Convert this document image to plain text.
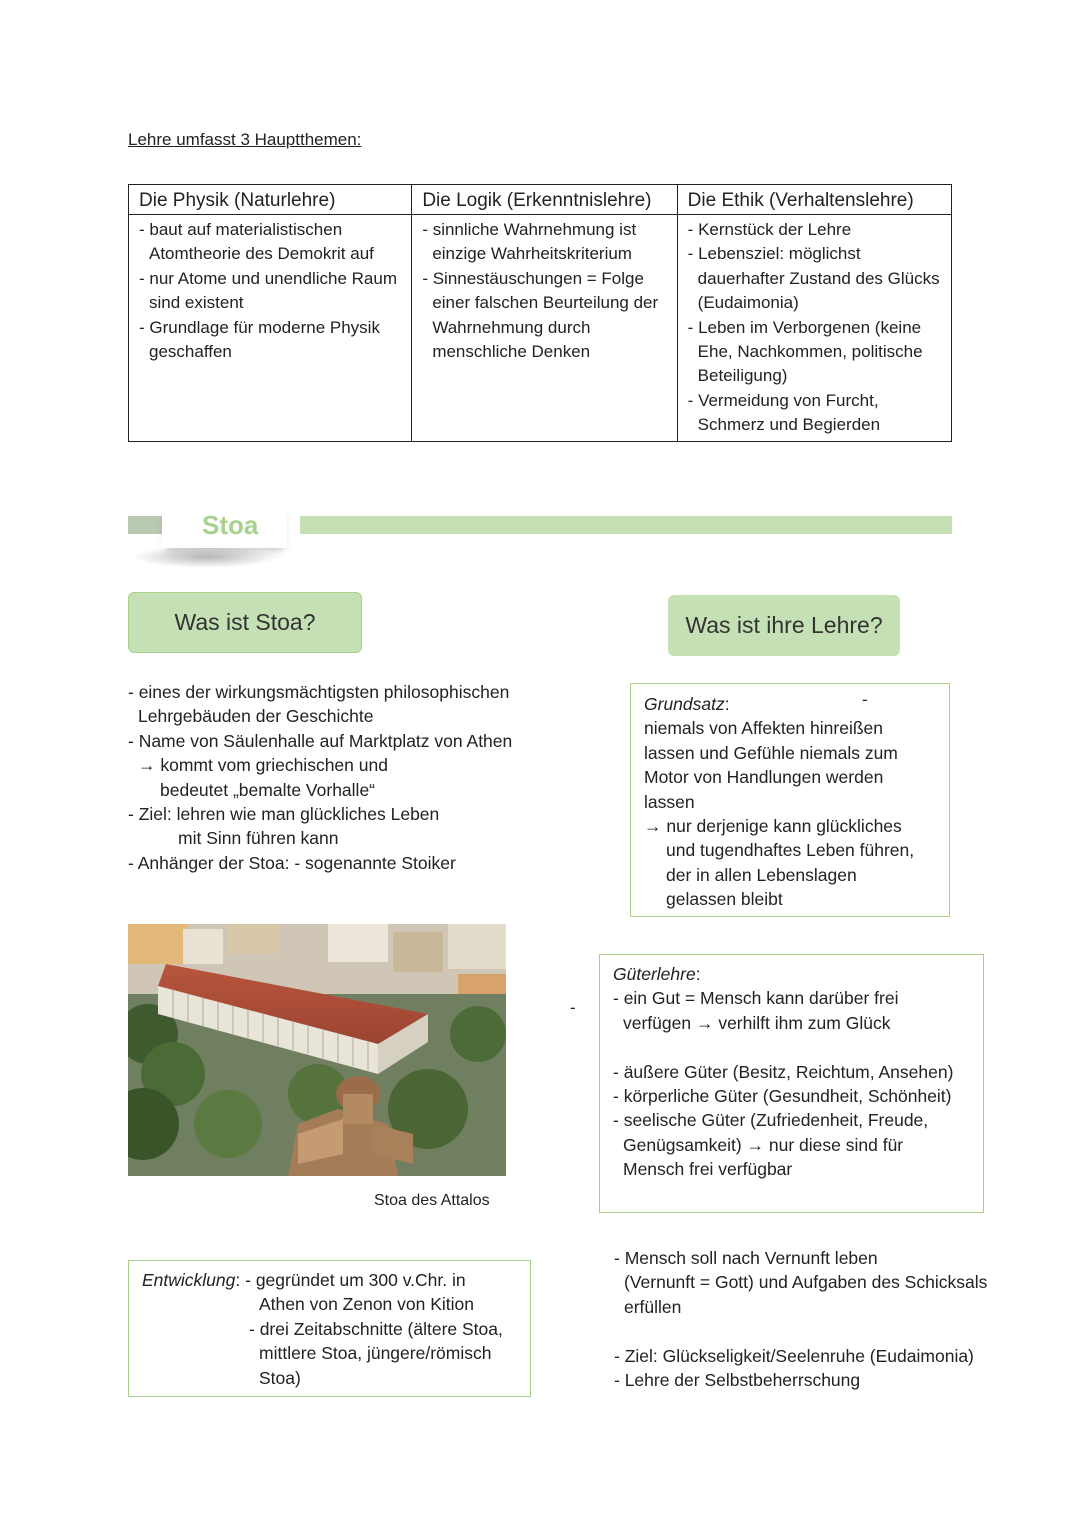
Lehre umfasst 3 Hauptthemen:
Die Physik (Naturlehre)
- baut auf materialistischen Atomtheorie des Demokrit auf
- nur Atome und unendliche Raum sind existent
- Grundlage für moderne Physik geschaffen
Die Logik (Erkenntnislehre)
- sinnliche Wahrnehmung ist einzige Wahrheitskriterium
- Sinnestäuschungen = Folge einer falschen Beurteilung der Wahrnehmung durch menschliche Denken
Die Ethik (Verhaltenslehre)
- Kernstück der Lehre
- Lebensziel: möglichst dauerhafter Zustand des Glücks (Eudaimonia)
- Leben im Verborgenen (keine Ehe, Nachkommen, politische Beteiligung)
- Vermeidung von Furcht, Schmerz und Begierden
Stoa
Was ist Stoa?	Was ist ihre Lehre?
- eines der wirkungsmächtigsten philosophischen
Lehrgebäuden der Geschichte
- Name von Säulenhalle auf Marktplatz von Athen
→ kommt vom griechischen und
bedeutet „bemalte Vorhalle“
- Ziel: lehren wie man glückliches Leben
mit Sinn führen kann
- Anhänger der Stoa: - sogenannte Stoiker
Grundsatz:
niemals von Affekten hinreißen
lassen und Gefühle niemals zum
Motor von Handlungen werden
lassen
→ nur derjenige kann glückliches
und tugendhaftes Leben führen,
der in allen Lebenslagen
gelassen bleibt
-
Stoa des Attalos
-
Güterlehre:
- ein Gut = Mensch kann darüber frei
verfügen → verhilft ihm zum Glück
- äußere Güter (Besitz, Reichtum, Ansehen)
- körperliche Güter (Gesundheit, Schönheit)
- seelische Güter (Zufriedenheit, Freude,
Genügsamkeit) → nur diese sind für
Mensch frei verfügbar
Entwicklung: - gegründet um 300 v.Chr. in
Athen von Zenon von Kition
- drei Zeitabschnitte (ältere Stoa,
mittlere Stoa, jüngere/römisch
Stoa)
- Mensch soll nach Vernunft leben
(Vernunft = Gott) und Aufgaben des Schicksals
erfüllen
- Ziel: Glückseligkeit/Seelenruhe (Eudaimonia)
- Lehre der Selbstbeherrschung
